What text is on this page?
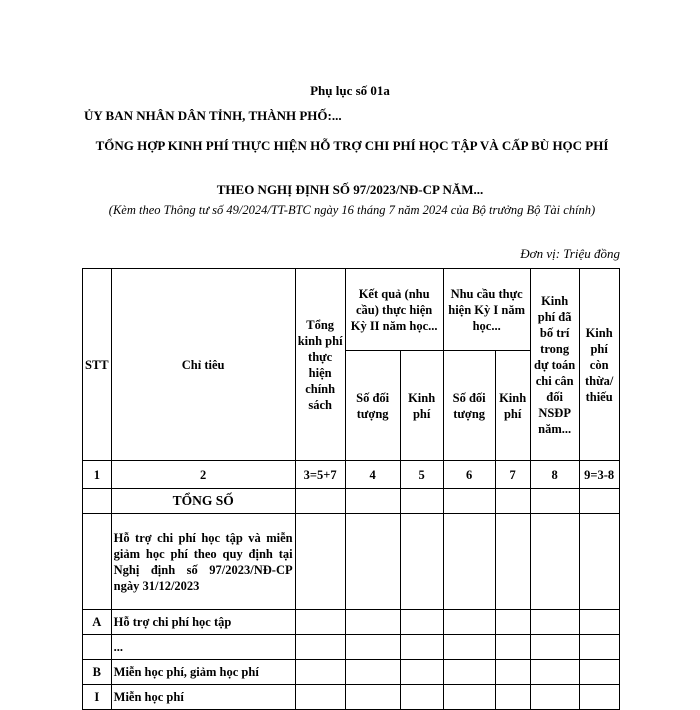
Phụ lục số 01a
ỦY BAN NHÂN DÂN TỈNH, THÀNH PHỐ:...
TỔNG HỢP KINH PHÍ THỰC HIỆN HỖ TRỢ CHI PHÍ HỌC TẬP VÀ CẤP BÙ HỌC PHÍ
THEO NGHỊ ĐỊNH SỐ 97/2023/NĐ-CP NĂM...
(Kèm theo Thông tư số 49/2024/TT-BTC ngày 16 tháng 7 năm 2024 của Bộ trưởng Bộ Tài chính)
Đơn vị: Triệu đồng
STT	Chỉ tiêu	Tổng kinh phí thực hiện chính sách	Kết quả (nhu cầu) thực hiện Kỳ II năm học...		Nhu cầu thực hiện Kỳ I năm học...		Kinh phí đã bố trí trong dự toán chi cân đối NSĐP năm...	Kinh phí còn thừa/ thiếu
			Số đối tượng	Kinh phí	Số đối tượng	Kinh phí		
1	2	3=5+7	4	5	6	7	8	9=3-8
	TỔNG SỐ							
	Hỗ trợ chi phí học tập và miễn giảm học phí theo quy định tại Nghị định số 97/2023/NĐ-CP ngày 31/12/2023							
A	Hỗ trợ chi phí học tập							
	...							
B	Miễn học phí, giảm học phí							
I	Miễn học phí							
